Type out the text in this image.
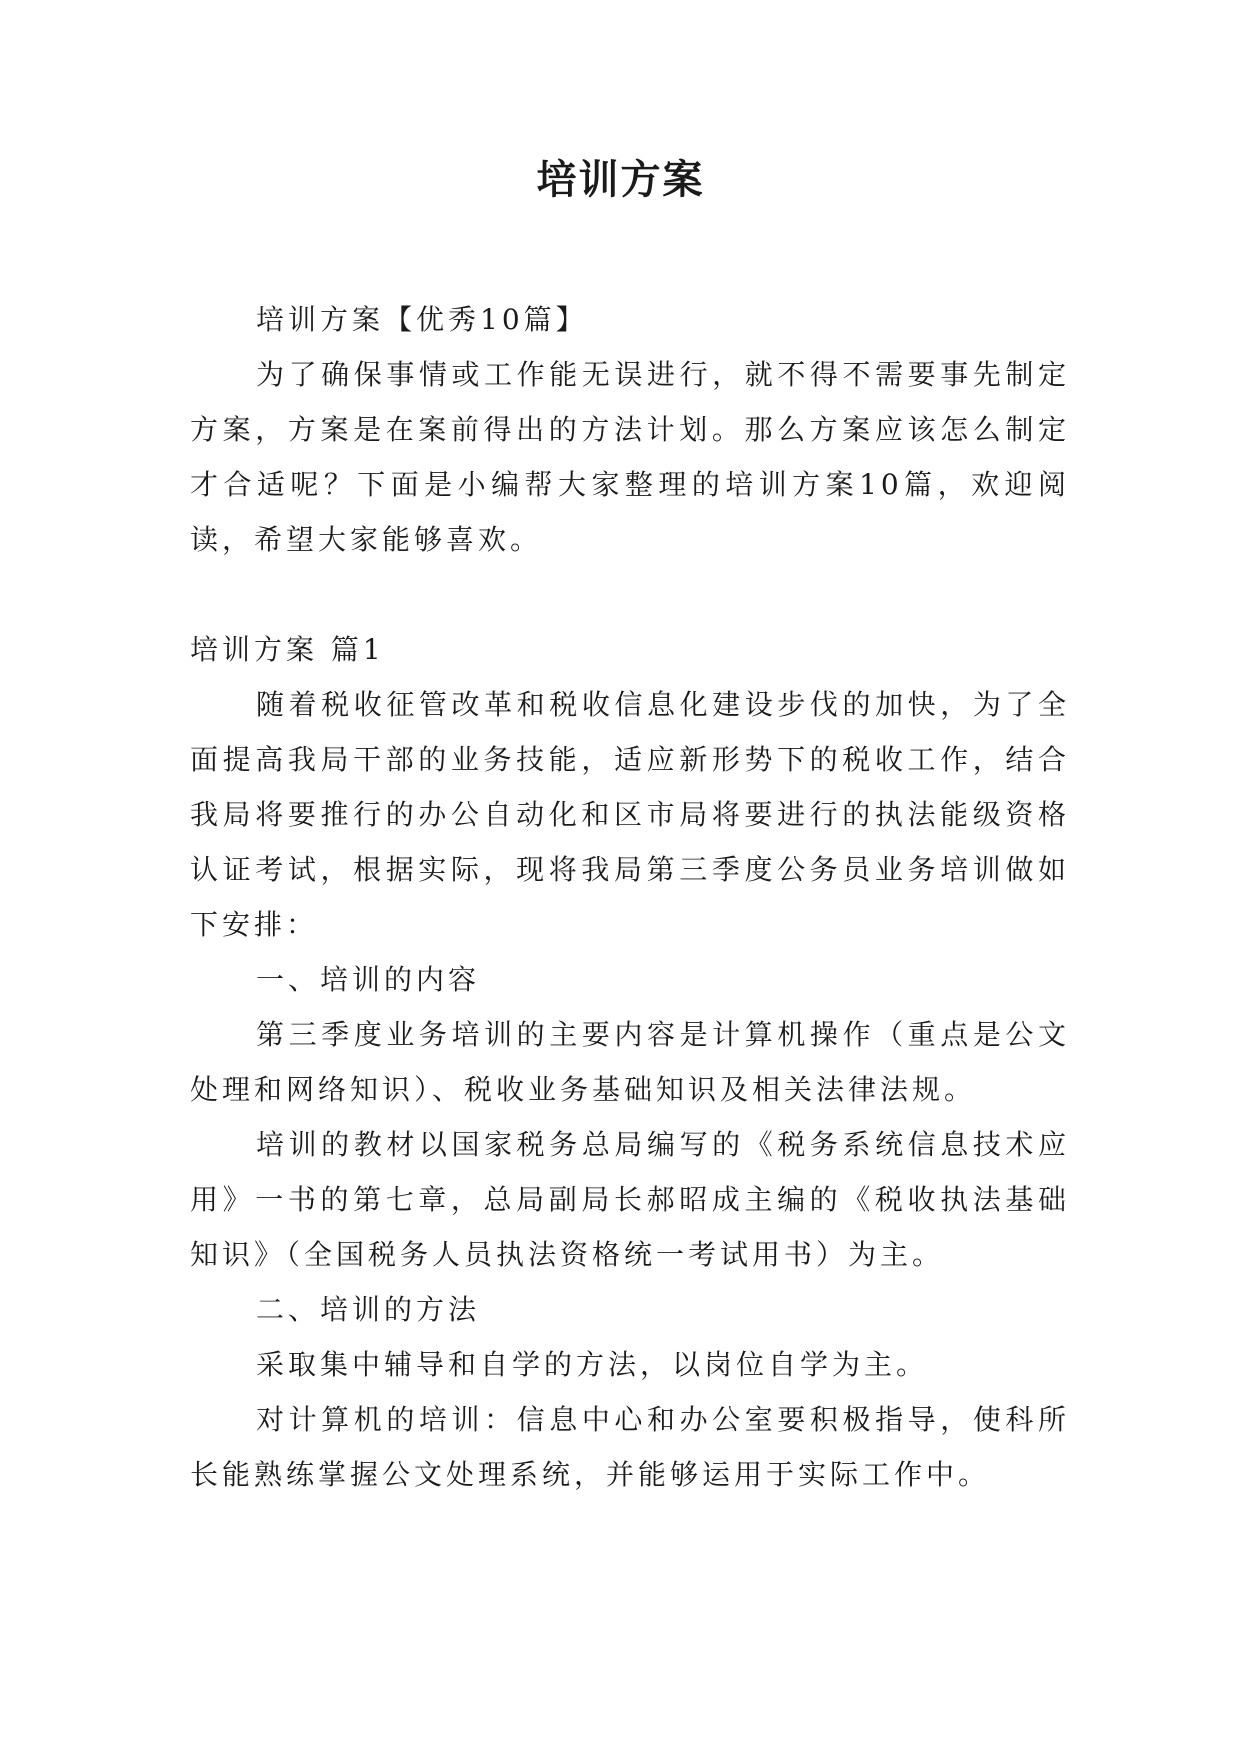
培训方案

培训方案【优秀10篇】

为了确保事情或工作能无误进行，就不得不需要事先制定方案，方案是在案前得出的方法计划。那么方案应该怎么制定才合适呢？下面是小编帮大家整理的培训方案10篇，欢迎阅读，希望大家能够喜欢。

培训方案 篇1

随着税收征管改革和税收信息化建设步伐的加快，为了全面提高我局干部的业务技能，适应新形势下的税收工作，结合我局将要推行的办公自动化和区市局将要进行的执法能级资格认证考试，根据实际，现将我局第三季度公务员业务培训做如下安排：

一、培训的内容

第三季度业务培训的主要内容是计算机操作（重点是公文处理和网络知识）、税收业务基础知识及相关法律法规。

培训的教材以国家税务总局编写的《税务系统信息技术应用》一书的第七章，总局副局长郝昭成主编的《税收执法基础知识》（全国税务人员执法资格统一考试用书）为主。

二、培训的方法

采取集中辅导和自学的方法，以岗位自学为主。

对计算机的培训：信息中心和办公室要积极指导，使科所长能熟练掌握公文处理系统，并能够运用于实际工作中。
